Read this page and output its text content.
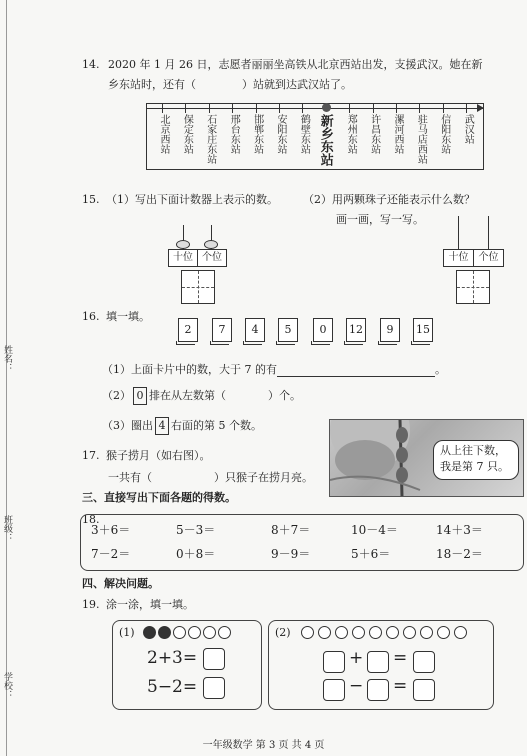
姓名：
班级：
学校：
14. 2020 年 1 月 26 日，志愿者丽丽坐高铁从北京西站出发，支援武汉。她在新
乡东站时，还有（	）站就到达武汉站了。
北京西站 保定东站 石家庄东站 邢台东站 邯郸东站 安阳东站 鹤壁东站 新乡东站 郑州东站 许昌东站 漯河西站 驻马店西站 信阳东站 武汉站
15. （1）写出下面计数器上表示的数。 （2）用两颗珠子还能表示什么数？
画一画，写一写。
十位 个位	十位	个位
16. 填一填。
2	7	4	5	0	12	9	15
（1）上面卡片中的数，大于 7 的有	。
（2） 0 排在从左数第（	）个。
（3）圈出 4 右面的第 5 个数。
17. 猴子捞月（如右图）。
一共有（	）只猴子在捞月亮。
从上往下数，
我是第 7 只。
三、直接写出下面各题的得数。
18.
3＋6＝	5－3＝	8＋7＝	10－4＝	14＋3＝
7－2＝	0＋8＝	9－9＝	5＋6＝	18－2＝
四、解决问题。
19. 涂一涂，填一填。
(1)
2+3=
5−2=
(2)
+ =
− =
一年级数学 第 3 页 共 4 页
